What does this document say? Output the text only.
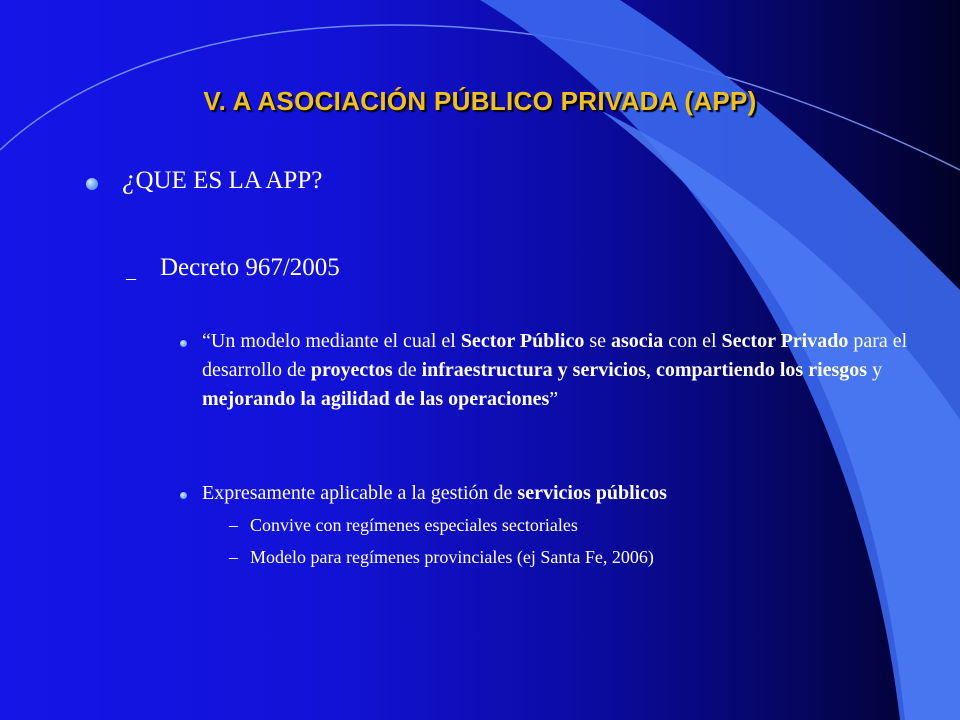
V. A ASOCIACIÓN PÚBLICO PRIVADA (APP)
¿QUE ES LA APP?
– Decreto 967/2005
“Un modelo mediante el cual el Sector Público se asocia con el Sector Privado para el desarrollo de proyectos de infraestructura y servicios, compartiendo los riesgos y mejorando la agilidad de las operaciones”
Expresamente aplicable a la gestión de servicios públicos
– Convive con regímenes especiales sectoriales
– Modelo para regímenes provinciales (ej Santa Fe, 2006)
